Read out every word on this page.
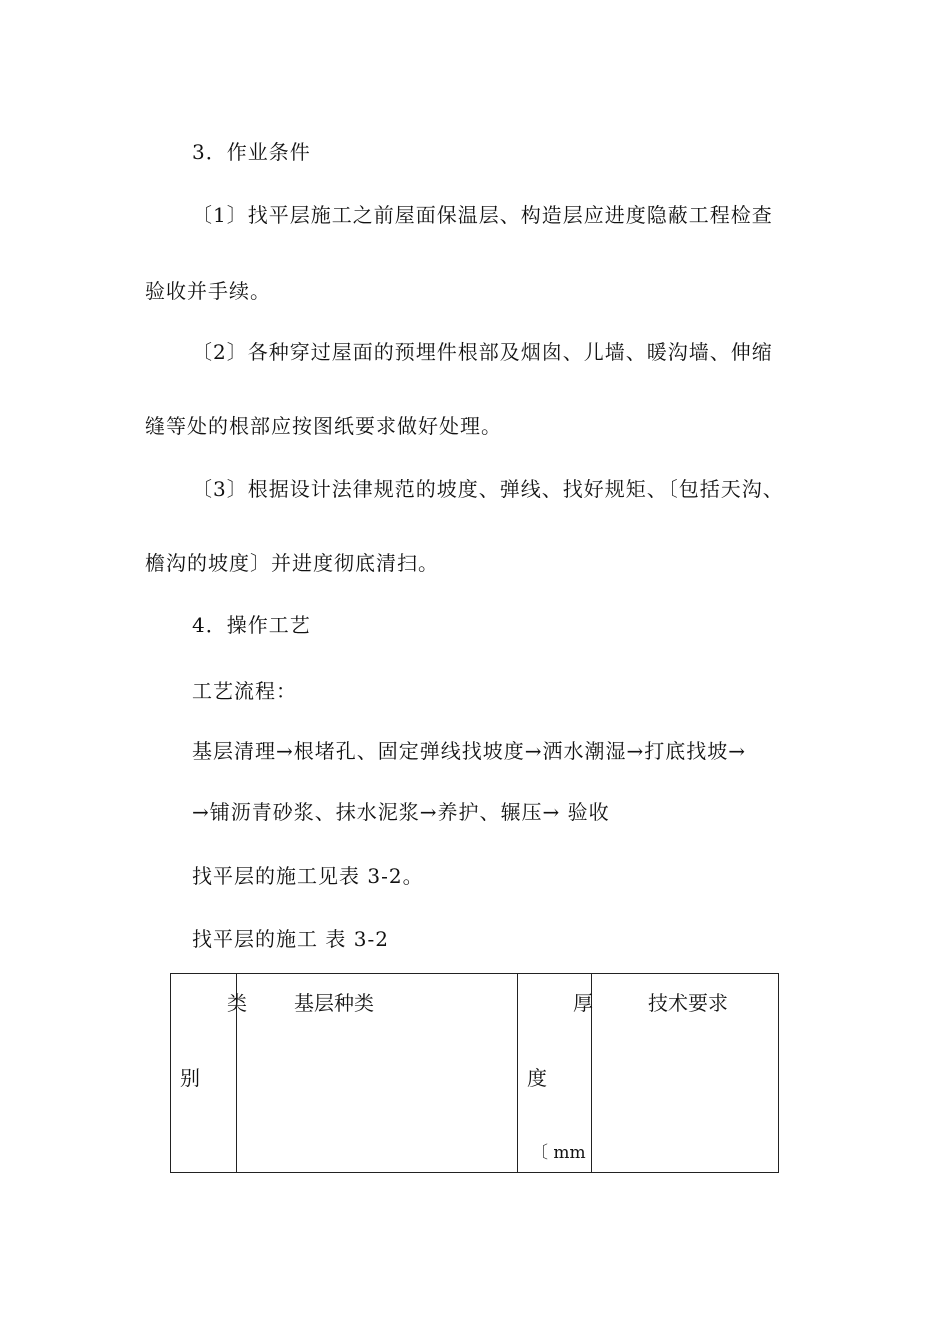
3．作业条件
〔1〕找平层施工之前屋面保温层、构造层应进度隐蔽工程检查
验收并手续。
〔2〕各种穿过屋面的预埋件根部及烟囱、儿墙、暖沟墙、伸缩
缝等处的根部应按图纸要求做好处理。
〔3〕根据设计法律规范的坡度、弹线、找好规矩、〔包括天沟、
檐沟的坡度〕并进度彻底清扫。
4．操作工艺
工艺流程：
基层清理→根堵孔、固定弹线找坡度→洒水潮湿→打底找坡→
→铺沥青砂浆、抹水泥浆→养护、辗压→ 验收
找平层的施工见表 3-2。
找平层的施工 表 3-2
类
别
基层种类	厚
度
〔 mm
技术要求
